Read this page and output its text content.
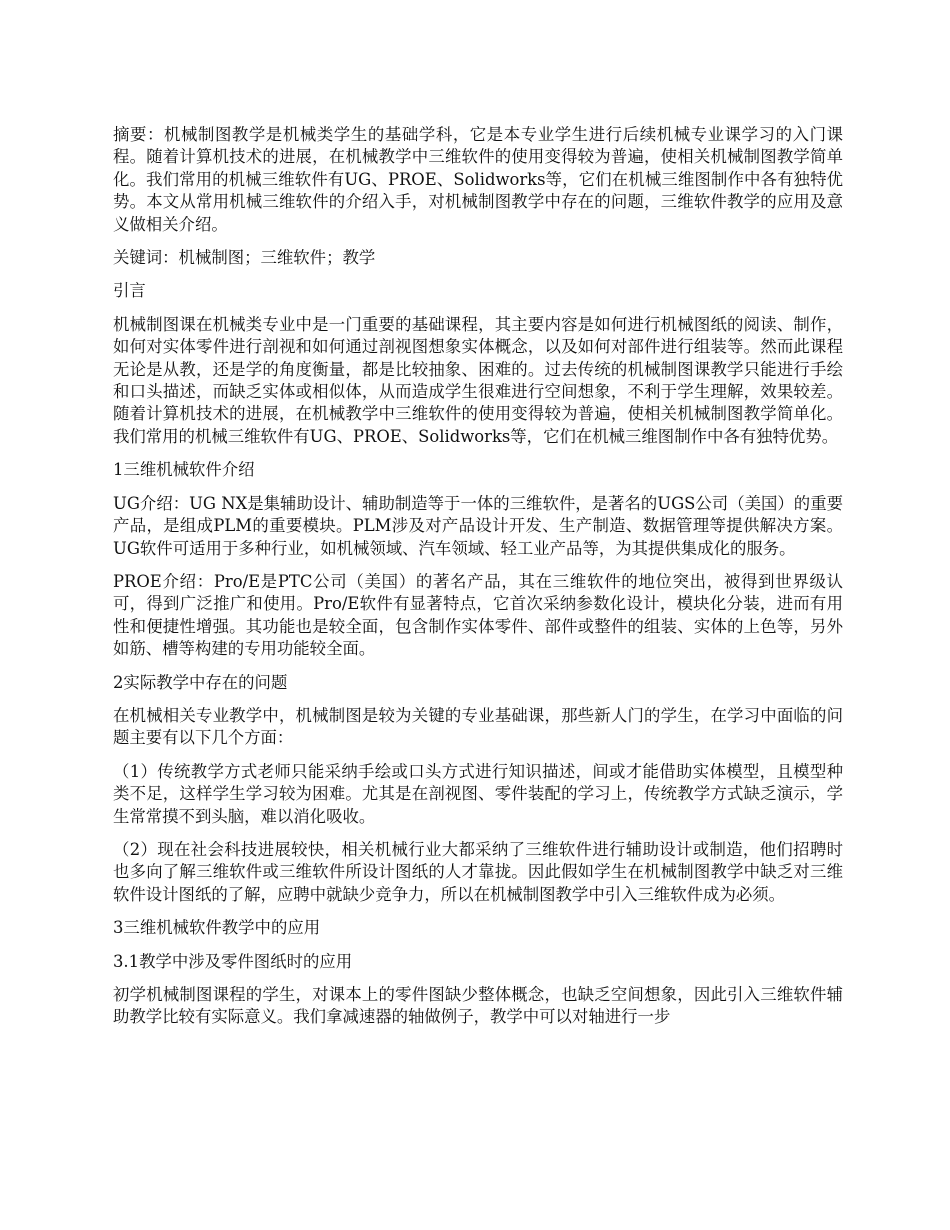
摘要：机械制图教学是机械类学生的基础学科，它是本专业学生进行后续机械专业课学习的入门课程。随着计算机技术的进展，在机械教学中三维软件的使用变得较为普遍，使相关机械制图教学简单化。我们常用的机械三维软件有UG、PROE、Solidworks等，它们在机械三维图制作中各有独特优势。本文从常用机械三维软件的介绍入手，对机械制图教学中存在的问题，三维软件教学的应用及意义做相关介绍。

关键词：机械制图；三维软件；教学

引言

机械制图课在机械类专业中是一门重要的基础课程，其主要内容是如何进行机械图纸的阅读、制作，如何对实体零件进行剖视和如何通过剖视图想象实体概念，以及如何对部件进行组装等。然而此课程无论是从教，还是学的角度衡量，都是比较抽象、困难的。过去传统的机械制图课教学只能进行手绘和口头描述，而缺乏实体或相似体，从而造成学生很难进行空间想象，不利于学生理解，效果较差。随着计算机技术的进展，在机械教学中三维软件的使用变得较为普遍，使相关机械制图教学简单化。我们常用的机械三维软件有UG、PROE、Solidworks等，它们在机械三维图制作中各有独特优势。

1三维机械软件介绍

UG介绍：UG NX是集辅助设计、辅助制造等于一体的三维软件，是著名的UGS公司（美国）的重要产品，是组成PLM的重要模块。PLM涉及对产品设计开发、生产制造、数据管理等提供解决方案。UG软件可适用于多种行业，如机械领域、汽车领域、轻工业产品等，为其提供集成化的服务。

PROE介绍：Pro/E是PTC公司（美国）的著名产品，其在三维软件的地位突出，被得到世界级认可，得到广泛推广和使用。Pro/E软件有显著特点，它首次采纳参数化设计，模块化分装，进而有用性和便捷性增强。其功能也是较全面，包含制作实体零件、部件或整件的组装、实体的上色等，另外如筋、槽等构建的专用功能较全面。

2实际教学中存在的问题

在机械相关专业教学中，机械制图是较为关键的专业基础课，那些新人门的学生，在学习中面临的问题主要有以下几个方面：

（1）传统教学方式老师只能采纳手绘或口头方式进行知识描述，间或才能借助实体模型，且模型种类不足，这样学生学习较为困难。尤其是在剖视图、零件装配的学习上，传统教学方式缺乏演示，学生常常摸不到头脑，难以消化吸收。

（2）现在社会科技进展较快，相关机械行业大都采纳了三维软件进行辅助设计或制造，他们招聘时也多向了解三维软件或三维软件所设计图纸的人才靠拢。因此假如学生在机械制图教学中缺乏对三维软件设计图纸的了解，应聘中就缺少竞争力，所以在机械制图教学中引入三维软件成为必须。

3三维机械软件教学中的应用

3.1教学中涉及零件图纸时的应用

初学机械制图课程的学生，对课本上的零件图缺少整体概念，也缺乏空间想象，因此引入三维软件辅助教学比较有实际意义。我们拿减速器的轴做例子，教学中可以对轴进行一步
